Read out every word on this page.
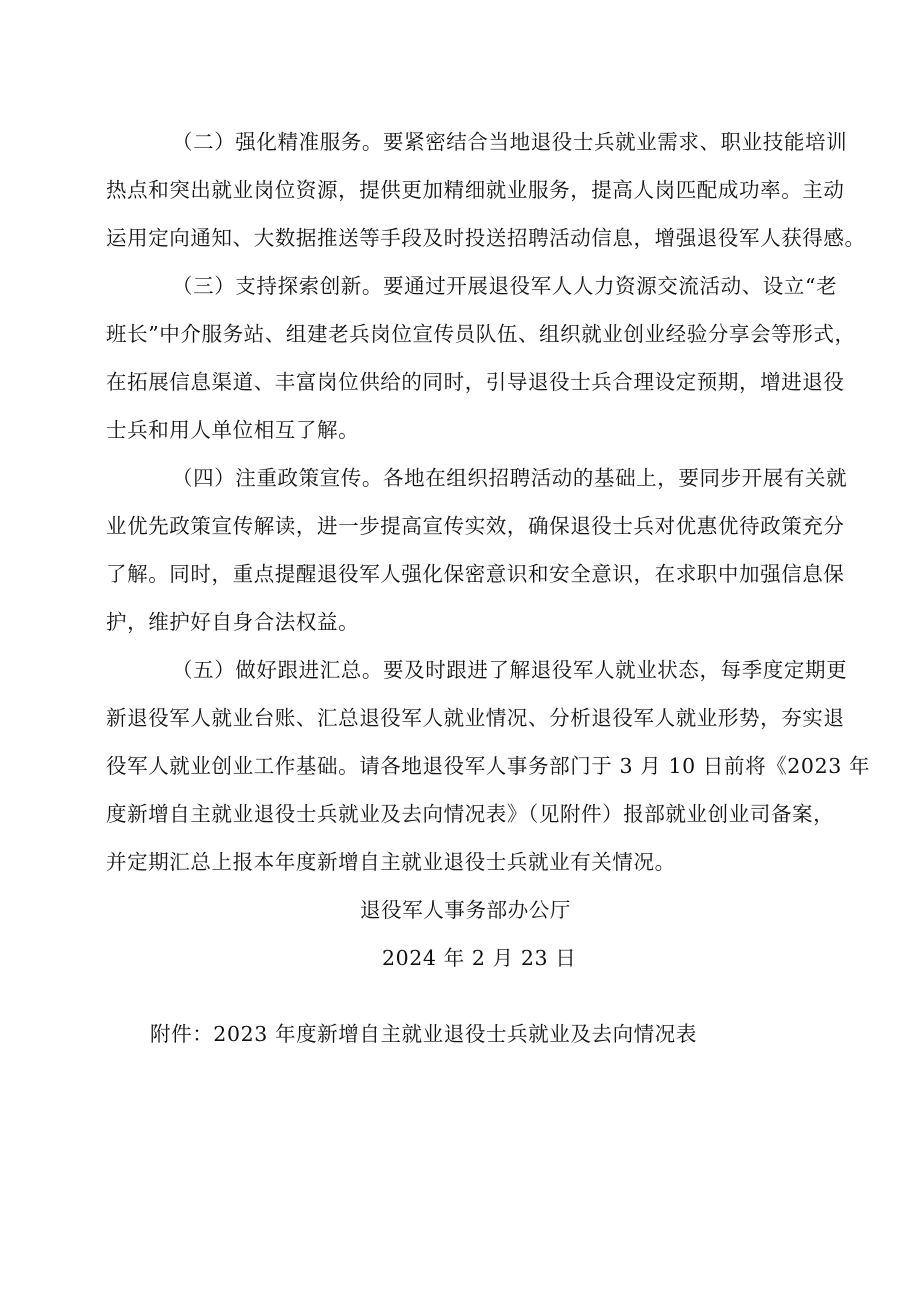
（二）强化精准服务。要紧密结合当地退役士兵就业需求、职业技能培训
热点和突出就业岗位资源，提供更加精细就业服务，提高人岗匹配成功率。主动
运用定向通知、大数据推送等手段及时投送招聘活动信息，增强退役军人获得感。
（三）支持探索创新。要通过开展退役军人人力资源交流活动、设立“老
班长”中介服务站、组建老兵岗位宣传员队伍、组织就业创业经验分享会等形式，
在拓展信息渠道、丰富岗位供给的同时，引导退役士兵合理设定预期，增进退役
士兵和用人单位相互了解。
（四）注重政策宣传。各地在组织招聘活动的基础上，要同步开展有关就
业优先政策宣传解读，进一步提高宣传实效，确保退役士兵对优惠优待政策充分
了解。同时，重点提醒退役军人强化保密意识和安全意识，在求职中加强信息保
护，维护好自身合法权益。
（五）做好跟进汇总。要及时跟进了解退役军人就业状态，每季度定期更
新退役军人就业台账、汇总退役军人就业情况、分析退役军人就业形势，夯实退
役军人就业创业工作基础。请各地退役军人事务部门于 3 月 10 日前将《2023 年
度新增自主就业退役士兵就业及去向情况表》（见附件）报部就业创业司备案，
并定期汇总上报本年度新增自主就业退役士兵就业有关情况。
退役军人事务部办公厅
2024 年 2 月 23 日
附件：2023 年度新增自主就业退役士兵就业及去向情况表
